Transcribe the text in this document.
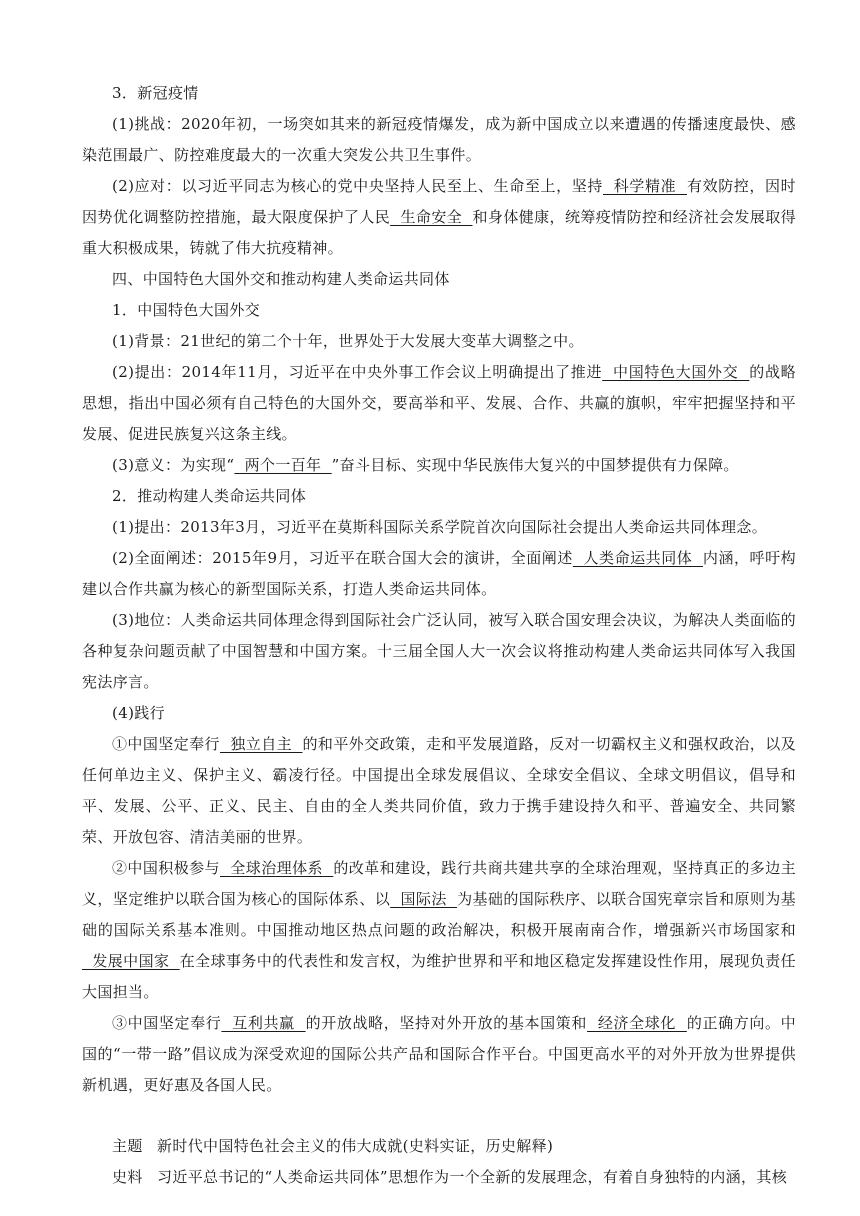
3．新冠疫情

(1)挑战：2020年初，一场突如其来的新冠疫情爆发，成为新中国成立以来遭遇的传播速度最快、感染范围最广、防控难度最大的一次重大突发公共卫生事件。

(2)应对：以习近平同志为核心的党中央坚持人民至上、生命至上，坚持  科学精准  有效防控，因时因势优化调整防控措施，最大限度保护了人民  生命安全  和身体健康，统筹疫情防控和经济社会发展取得重大积极成果，铸就了伟大抗疫精神。

四、中国特色大国外交和推动构建人类命运共同体

1．中国特色大国外交

(1)背景：21世纪的第二个十年，世界处于大发展大变革大调整之中。

(2)提出：2014年11月，习近平在中央外事工作会议上明确提出了推进  中国特色大国外交  的战略思想，指出中国必须有自己特色的大国外交，要高举和平、发展、合作、共赢的旗帜，牢牢把握坚持和平发展、促进民族复兴这条主线。

(3)意义：为实现“  两个一百年  ”奋斗目标、实现中华民族伟大复兴的中国梦提供有力保障。

2．推动构建人类命运共同体

(1)提出：2013年3月，习近平在莫斯科国际关系学院首次向国际社会提出人类命运共同体理念。

(2)全面阐述：2015年9月，习近平在联合国大会的演讲，全面阐述  人类命运共同体  内涵，呼吁构建以合作共赢为核心的新型国际关系，打造人类命运共同体。

(3)地位：人类命运共同体理念得到国际社会广泛认同，被写入联合国安理会决议，为解决人类面临的各种复杂问题贡献了中国智慧和中国方案。十三届全国人大一次会议将推动构建人类命运共同体写入我国宪法序言。

(4)践行

①中国坚定奉行  独立自主  的和平外交政策，走和平发展道路，反对一切霸权主义和强权政治，以及任何单边主义、保护主义、霸凌行径。中国提出全球发展倡议、全球安全倡议、全球文明倡议，倡导和平、发展、公平、正义、民主、自由的全人类共同价值，致力于携手建设持久和平、普遍安全、共同繁荣、开放包容、清洁美丽的世界。

②中国积极参与  全球治理体系  的改革和建设，践行共商共建共享的全球治理观，坚持真正的多边主义，坚定维护以联合国为核心的国际体系、以  国际法  为基础的国际秩序、以联合国宪章宗旨和原则为基础的国际关系基本准则。中国推动地区热点问题的政治解决，积极开展南南合作，增强新兴市场国家和  发展中国家  在全球事务中的代表性和发言权，为维护世界和平和地区稳定发挥建设性作用，展现负责任大国担当。

③中国坚定奉行  互利共赢  的开放战略，坚持对外开放的基本国策和  经济全球化  的正确方向。中国的“一带一路”倡议成为深受欢迎的国际公共产品和国际合作平台。中国更高水平的对外开放为世界提供新机遇，更好惠及各国人民。

主题 新时代中国特色社会主义的伟大成就(史料实证，历史解释)

史料 习近平总书记的“人类命运共同体”思想作为一个全新的发展理念，有着自身独特的内涵，其核
